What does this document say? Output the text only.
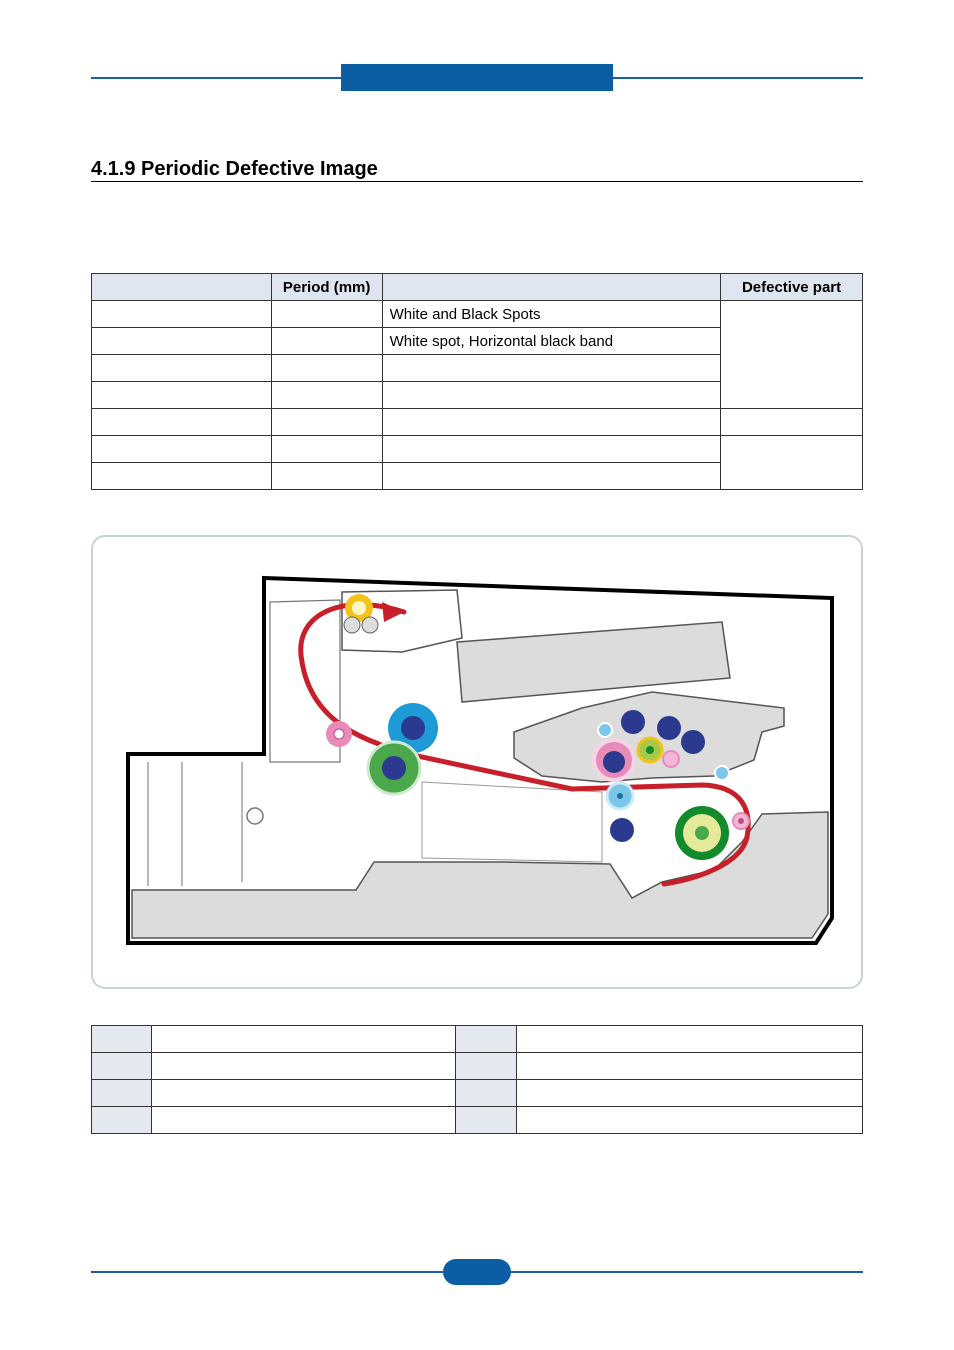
4.1.9 Periodic Defective Image
	Period (mm)		Defective part
		White and Black Spots	
		White spot, Horizontal black band	
